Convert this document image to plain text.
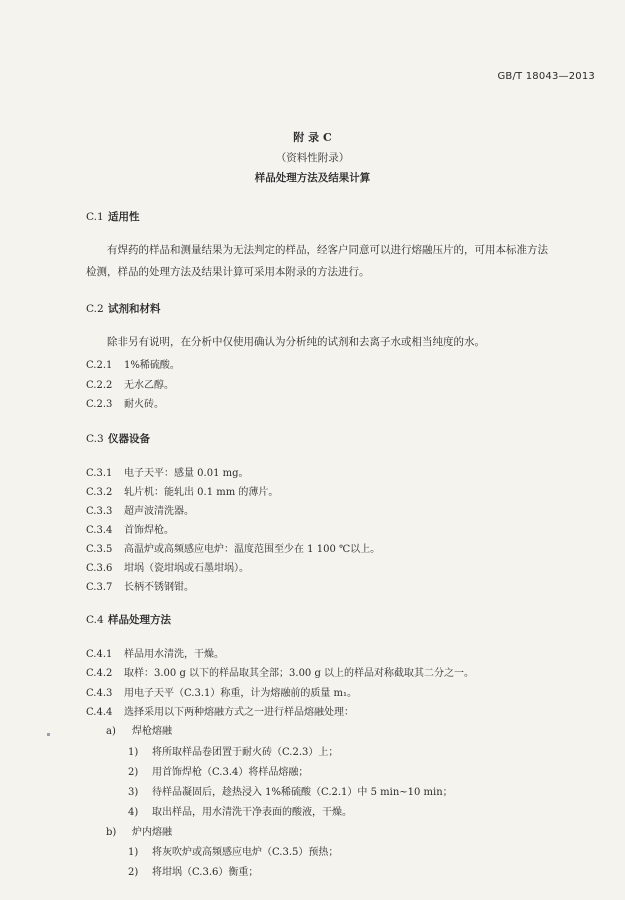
GB/T 18043—2013
附 录 C
（资料性附录）
样品处理方法及结果计算
C.1 适用性
有焊药的样品和测量结果为无法判定的样品，经客户同意可以进行熔融压片的，可用本标准方法检测，样品的处理方法及结果计算可采用本附录的方法进行。
C.2 试剂和材料
除非另有说明，在分析中仅使用确认为分析纯的试剂和去离子水或相当纯度的水。
C.2.1 1%稀硫酸。
C.2.2 无水乙醇。
C.2.3 耐火砖。
C.3 仪器设备
C.3.1 电子天平：感量 0.01 mg。
C.3.2 轧片机：能轧出 0.1 mm 的薄片。
C.3.3 超声波清洗器。
C.3.4 首饰焊枪。
C.3.5 高温炉或高频感应电炉：温度范围至少在 1 100 ℃以上。
C.3.6 坩埚（瓷坩埚或石墨坩埚）。
C.3.7 长柄不锈钢钳。
C.4 样品处理方法
C.4.1 样品用水清洗，干燥。
C.4.2 取样：3.00 g 以下的样品取其全部；3.00 g 以上的样品对称截取其二分之一。
C.4.3 用电子天平（C.3.1）称重，计为熔融前的质量 m₁。
C.4.4 选择采用以下两种熔融方式之一进行样品熔融处理：
a) 焊枪熔融
1) 将所取样品卷团置于耐火砖（C.2.3）上；
2) 用首饰焊枪（C.3.4）将样品熔融；
3) 待样品凝固后，趁热浸入 1%稀硫酸（C.2.1）中 5 min~10 min；
4) 取出样品，用水清洗干净表面的酸液，干燥。
b) 炉内熔融
1) 将灰吹炉或高频感应电炉（C.3.5）预热；
2) 将坩埚（C.3.6）衡重；
